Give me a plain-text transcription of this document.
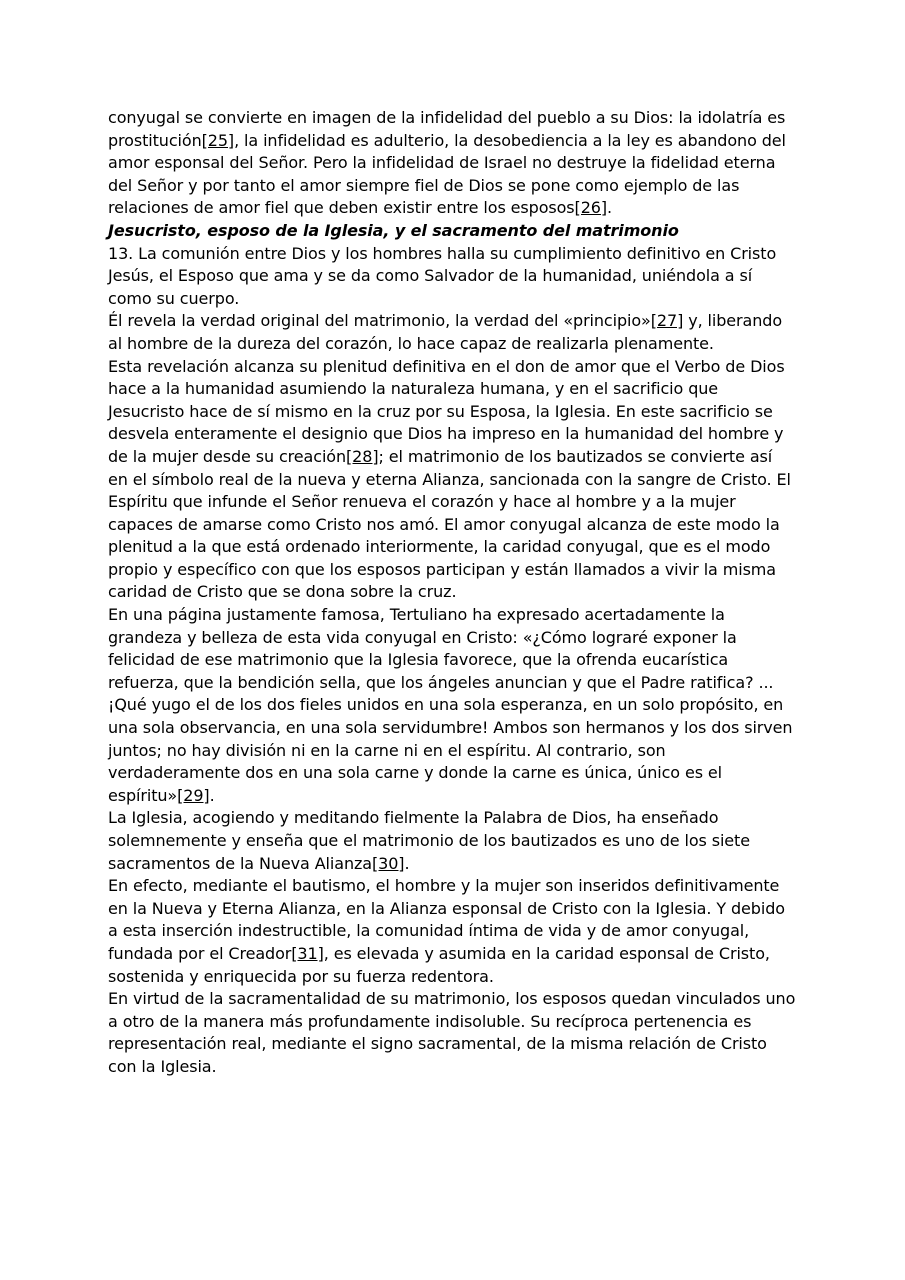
conyugal se convierte en imagen de la infidelidad del pueblo a su Dios: la idolatría es prostitución[25], la infidelidad es adulterio, la desobediencia a la ley es abandono del amor esponsal del Señor. Pero la infidelidad de Israel no destruye la fidelidad eterna del Señor y por tanto el amor siempre fiel de Dios se pone como ejemplo de las relaciones de amor fiel que deben existir entre los esposos[26].
Jesucristo, esposo de la Iglesia, y el sacramento del matrimonio
13. La comunión entre Dios y los hombres halla su cumplimiento definitivo en Cristo Jesús, el Esposo que ama y se da como Salvador de la humanidad, uniéndola a sí como su cuerpo.
Él revela la verdad original del matrimonio, la verdad del «principio»[27] y, liberando al hombre de la dureza del corazón, lo hace capaz de realizarla plenamente.
Esta revelación alcanza su plenitud definitiva en el don de amor que el Verbo de Dios hace a la humanidad asumiendo la naturaleza humana, y en el sacrificio que Jesucristo hace de sí mismo en la cruz por su Esposa, la Iglesia. En este sacrificio se desvela enteramente el designio que Dios ha impreso en la humanidad del hombre y de la mujer desde su creación[28]; el matrimonio de los bautizados se convierte así en el símbolo real de la nueva y eterna Alianza, sancionada con la sangre de Cristo. El Espíritu que infunde el Señor renueva el corazón y hace al hombre y a la mujer capaces de amarse como Cristo nos amó. El amor conyugal alcanza de este modo la plenitud a la que está ordenado interiormente, la caridad conyugal, que es el modo propio y específico con que los esposos participan y están llamados a vivir la misma caridad de Cristo que se dona sobre la cruz.
En una página justamente famosa, Tertuliano ha expresado acertadamente la grandeza y belleza de esta vida conyugal en Cristo: «¿Cómo lograré exponer la felicidad de ese matrimonio que la Iglesia favorece, que la ofrenda eucarística refuerza, que la bendición sella, que los ángeles anuncian y que el Padre ratifica? ... ¡Qué yugo el de los dos fieles unidos en una sola esperanza, en un solo propósito, en una sola observancia, en una sola servidumbre! Ambos son hermanos y los dos sirven juntos; no hay división ni en la carne ni en el espíritu. Al contrario, son verdaderamente dos en una sola carne y donde la carne es única, único es el espíritu»[29].
La Iglesia, acogiendo y meditando fielmente la Palabra de Dios, ha enseñado solemnemente y enseña que el matrimonio de los bautizados es uno de los siete sacramentos de la Nueva Alianza[30].
En efecto, mediante el bautismo, el hombre y la mujer son inseridos definitivamente en la Nueva y Eterna Alianza, en la Alianza esponsal de Cristo con la Iglesia. Y debido a esta inserción indestructible, la comunidad íntima de vida y de amor conyugal, fundada por el Creador[31], es elevada y asumida en la caridad esponsal de Cristo, sostenida y enriquecida por su fuerza redentora.
En virtud de la sacramentalidad de su matrimonio, los esposos quedan vinculados uno a otro de la manera más profundamente indisoluble. Su recíproca pertenencia es representación real, mediante el signo sacramental, de la misma relación de Cristo con la Iglesia.
